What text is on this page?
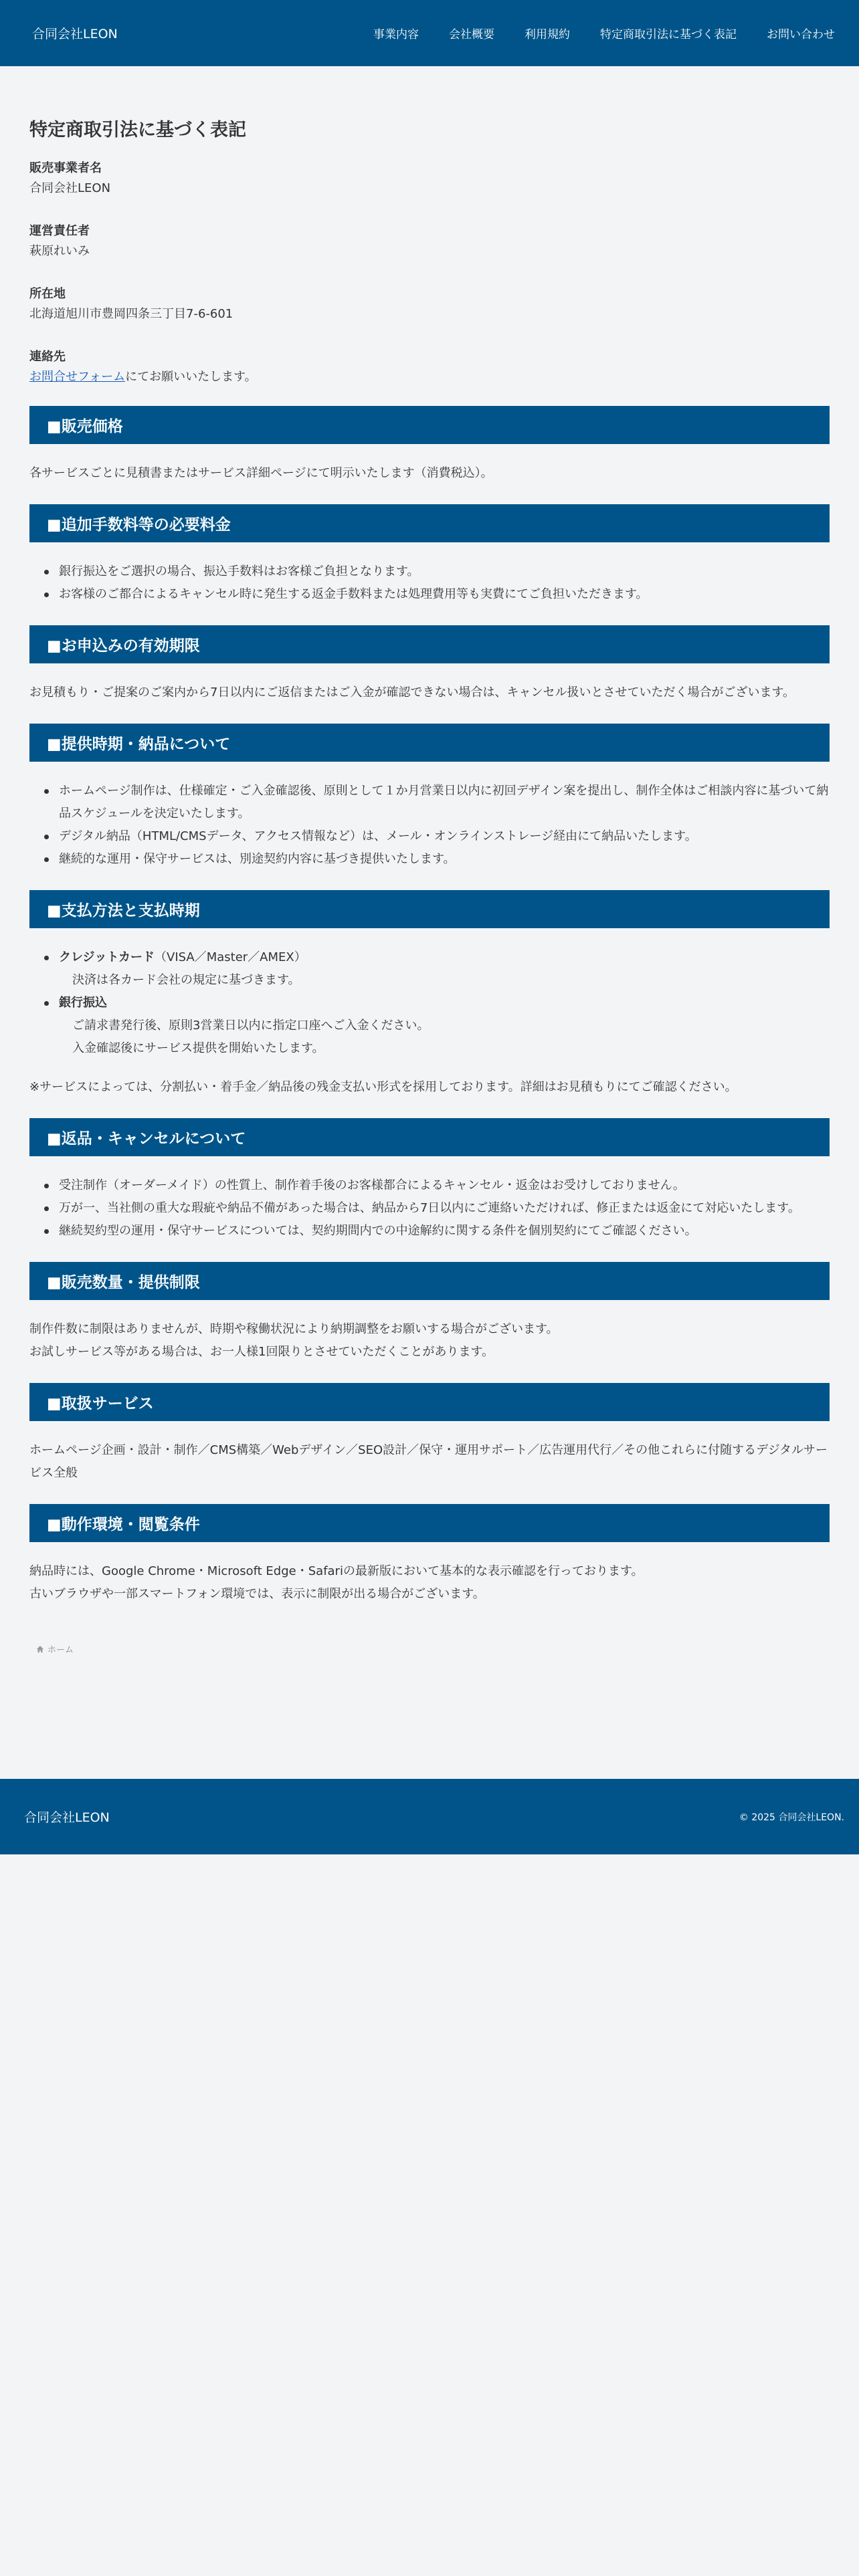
合同会社LEON	事業内容	会社概要	利用規約	特定商取引法に基づく表記	お問い合わせ
特定商取引法に基づく表記
販売事業者名
合同会社LEON
運営責任者
萩原れいみ
所在地
北海道旭川市豊岡四条三丁目7-6-601
連絡先
お問合せフォームにてお願いいたします。
■販売価格

各サービスごとに見積書またはサービス詳細ページにて明示いたします（消費税込）。

■追加手数料等の必要料金
銀行振込をご選択の場合、振込手数料はお客様ご負担となります。
お客様のご都合によるキャンセル時に発生する返金手数料または処理費用等も実費にてご負担いただきます。
■お申込みの有効期限

お見積もり・ご提案のご案内から7日以内にご返信またはご入金が確認できない場合は、キャンセル扱いとさせていただく場合がございます。

■提供時期・納品について
ホームページ制作は、仕様確定・ご入金確認後、原則として１か月営業日以内に初回デザイン案を提出し、制作全体はご相談内容に基づいて納品スケジュールを決定いたします。
デジタル納品（HTML/CMSデータ、アクセス情報など）は、メール・オンラインストレージ経由にて納品いたします。
継続的な運用・保守サービスは、別途契約内容に基づき提供いたします。
■支払方法と支払時期
クレジットカード（VISA／Master／AMEX）
決済は各カード会社の規定に基づきます。
銀行振込
ご請求書発行後、原則3営業日以内に指定口座へご入金ください。
入金確認後にサービス提供を開始いたします。

※サービスによっては、分割払い・着手金／納品後の残金支払い形式を採用しております。詳細はお見積もりにてご確認ください。

■返品・キャンセルについて
受注制作（オーダーメイド）の性質上、制作着手後のお客様都合によるキャンセル・返金はお受けしておりません。
万が一、当社側の重大な瑕疵や納品不備があった場合は、納品から7日以内にご連絡いただければ、修正または返金にて対応いたします。
継続契約型の運用・保守サービスについては、契約期間内での中途解約に関する条件を個別契約にてご確認ください。
■販売数量・提供制限

制作件数に制限はありませんが、時期や稼働状況により納期調整をお願いする場合がございます。

お試しサービス等がある場合は、お一人様1回限りとさせていただくことがあります。

■取扱サービス

ホームページ企画・設計・制作／CMS構築／Webデザイン／SEO設計／保守・運用サポート／広告運用代行／その他これらに付随するデジタルサービス全般

■動作環境・閲覧条件

納品時には、Google Chrome・Microsoft Edge・Safariの最新版において基本的な表示確認を行っております。

古いブラウザや一部スマートフォン環境では、表示に制限が出る場合がございます。

ホーム
合同会社LEON	© 2025 合同会社LEON.
